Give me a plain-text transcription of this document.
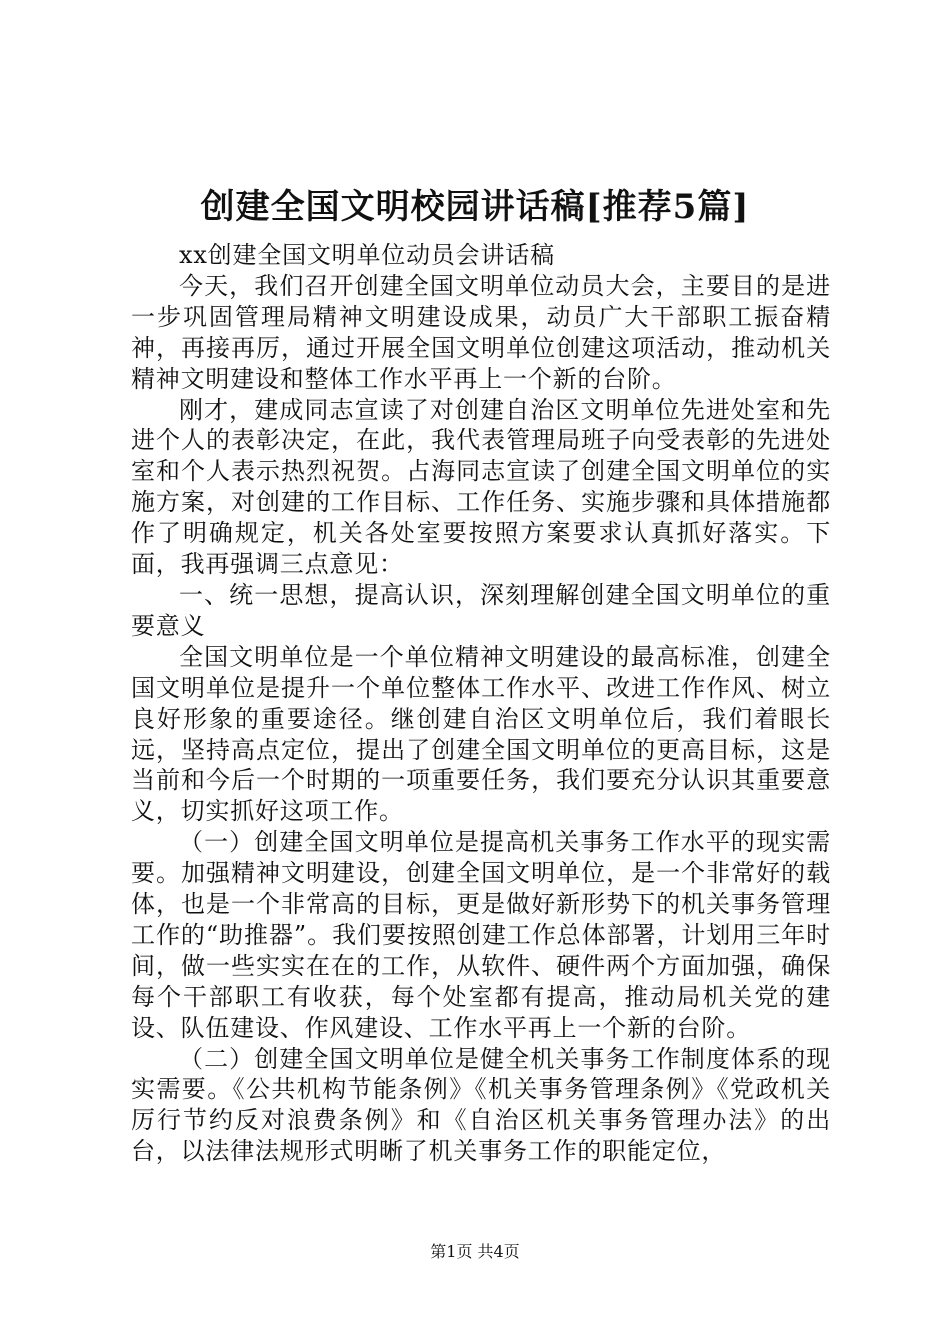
创建全国文明校园讲话稿[推荐5篇]

xx创建全国文明单位动员会讲话稿

今天，我们召开创建全国文明单位动员大会，主要目的是进一步巩固管理局精神文明建设成果，动员广大干部职工振奋精神，再接再厉，通过开展全国文明单位创建这项活动，推动机关精神文明建设和整体工作水平再上一个新的台阶。

刚才，建成同志宣读了对创建自治区文明单位先进处室和先进个人的表彰决定，在此，我代表管理局班子向受表彰的先进处室和个人表示热烈祝贺。占海同志宣读了创建全国文明单位的实施方案，对创建的工作目标、工作任务、实施步骤和具体措施都作了明确规定，机关各处室要按照方案要求认真抓好落实。下面，我再强调三点意见：

一、统一思想，提高认识，深刻理解创建全国文明单位的重要意义

全国文明单位是一个单位精神文明建设的最高标准，创建全国文明单位是提升一个单位整体工作水平、改进工作作风、树立良好形象的重要途径。继创建自治区文明单位后，我们着眼长远，坚持高点定位，提出了创建全国文明单位的更高目标，这是当前和今后一个时期的一项重要任务，我们要充分认识其重要意义，切实抓好这项工作。

（一）创建全国文明单位是提高机关事务工作水平的现实需要。加强精神文明建设，创建全国文明单位，是一个非常好的载体，也是一个非常高的目标，更是做好新形势下的机关事务管理工作的“助推器”。我们要按照创建工作总体部署，计划用三年时间，做一些实实在在的工作，从软件、硬件两个方面加强，确保每个干部职工有收获，每个处室都有提高，推动局机关党的建设、队伍建设、作风建设、工作水平再上一个新的台阶。

（二）创建全国文明单位是健全机关事务工作制度体系的现实需要。《公共机构节能条例》《机关事务管理条例》《党政机关厉行节约反对浪费条例》和《自治区机关事务管理办法》的出台，以法律法规形式明晰了机关事务工作的职能定位，

第1页 共4页
